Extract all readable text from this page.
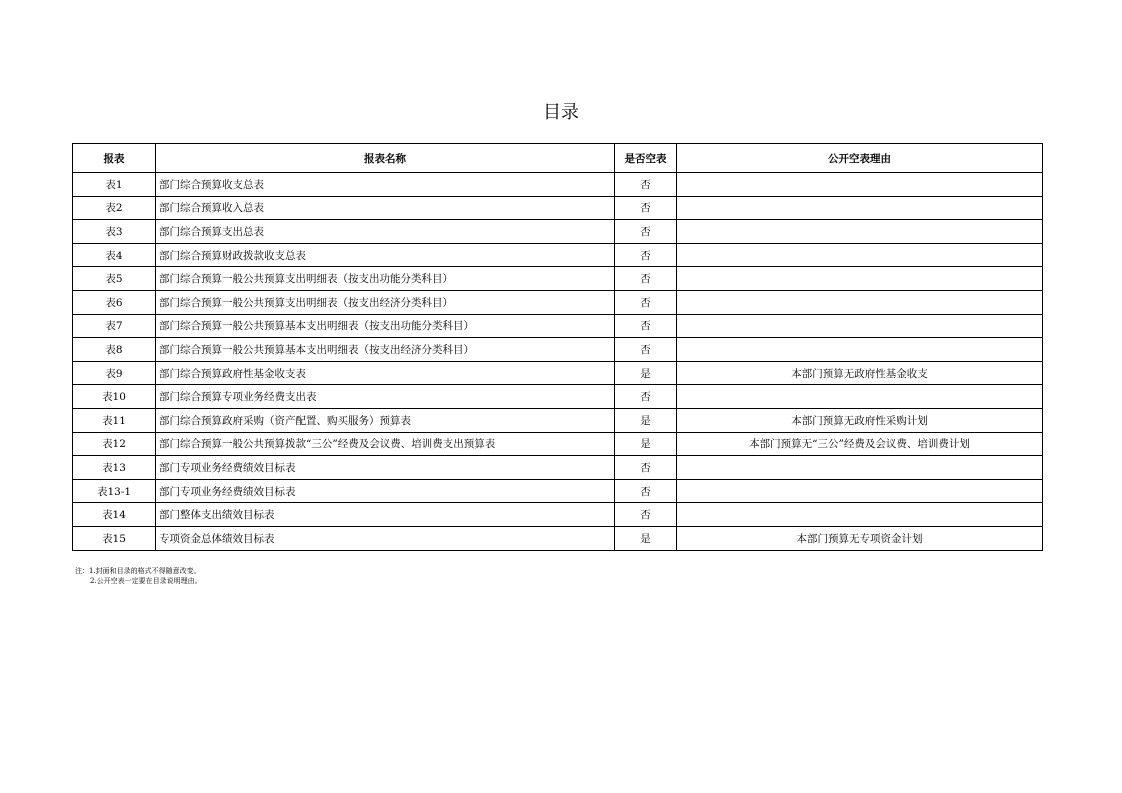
目录
报表	报表名称	是否空表	公开空表理由
表1	部门综合预算收支总表	否	
表2	部门综合预算收入总表	否	
表3	部门综合预算支出总表	否	
表4	部门综合预算财政拨款收支总表	否	
表5	部门综合预算一般公共预算支出明细表（按支出功能分类科目）	否	
表6	部门综合预算一般公共预算支出明细表（按支出经济分类科目）	否	
表7	部门综合预算一般公共预算基本支出明细表（按支出功能分类科目）	否	
表8	部门综合预算一般公共预算基本支出明细表（按支出经济分类科目）	否	
表9	部门综合预算政府性基金收支表	是	本部门预算无政府性基金收支
表10	部门综合预算专项业务经费支出表	否	
表11	部门综合预算政府采购（资产配置、购买服务）预算表	是	本部门预算无政府性采购计划
表12	部门综合预算一般公共预算拨款“三公”经费及会议费、培训费支出预算表	是	本部门预算无“三公”经费及会议费、培训费计划
表13	部门专项业务经费绩效目标表	否	
表13-1	部门专项业务经费绩效目标表	否	
表14	部门整体支出绩效目标表	否	
表15	专项资金总体绩效目标表	是	本部门预算无专项资金计划
注：1.封面和目录的格式不得随意改变。
2.公开空表一定要在目录说明理由。
